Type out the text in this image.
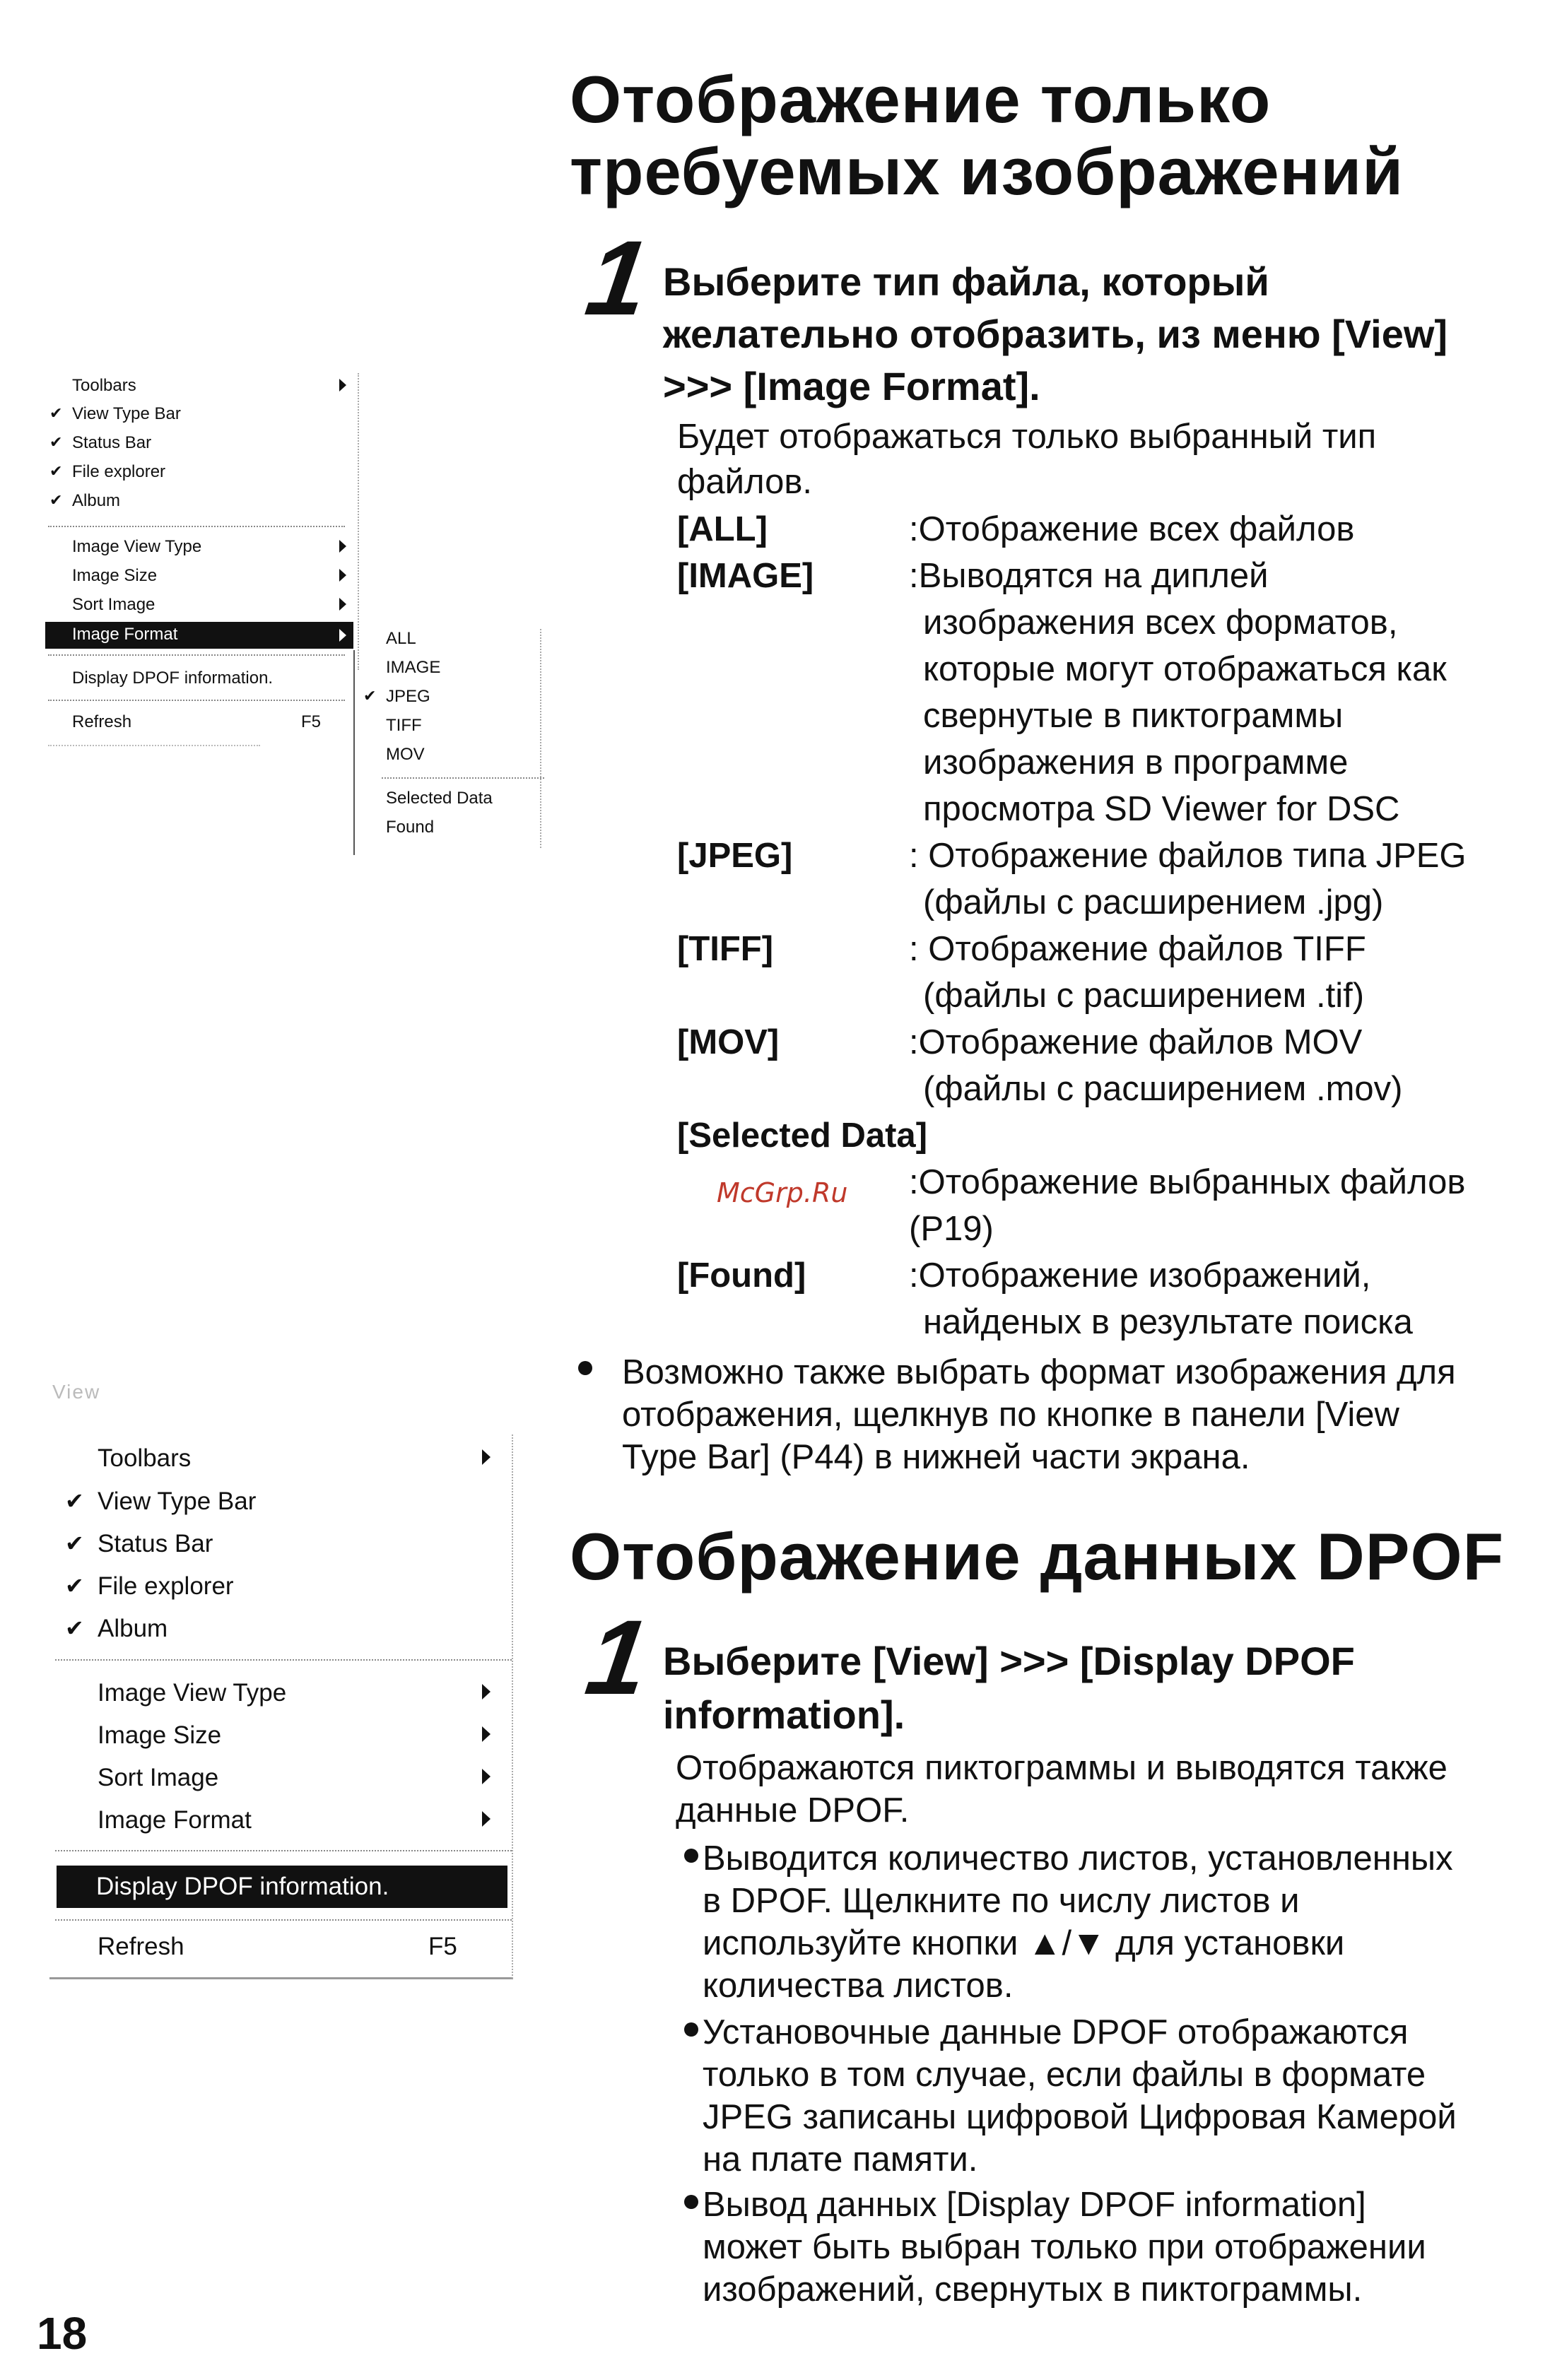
Toolbars
✔ View Type Bar
✔ Status Bar
✔ File explorer
✔ Album
Image View Type
Image Size
Sort Image
Image Format
Display DPOF information.
Refresh	F5
ALL
IMAGE
✔ JPEG
TIFF
MOV
Selected Data
Found
View
Toolbars
✔ View Type Bar
✔ Status Bar
✔ File explorer
✔ Album
Image View Type
Image Size
Sort Image
Image Format
Display DPOF information.
Refresh	F5
Отображение только
требуемых изображений
1 Выберите тип файла, который
желательно отобразить, из меню [View]
>>> [Image Format].
Будет отображаться только выбранный тип
файлов.
[ALL]	:Отображение всех файлов
[IMAGE]	:Выводятся на диплей
изображения всех форматов,
которые могут отображаться как
свернутые в пиктограммы
изображения в программе
просмотра SD Viewer for DSC
[JPEG]	: Отображение файлов типа JPEG
(файлы с расширением .jpg)
[TIFF]	: Отображение файлов TIFF
(файлы с расширением .tif)
[MOV]	:Отображение файлов MOV
(файлы с расширением .mov)
[Selected Data]
McGrp.Ru :Отображение выбранных файлов
(P19)
[Found]	:Отображение изображений,
найденых в результате поиска
Возможно также выбрать формат изображения для
отображения, щелкнув по кнопке в панели [View
Type Bar] (P44) в нижней части экрана.
Отображение данных DPOF
1 Выберите [View] >>> [Display DPOF
information].
Отображаются пиктограммы и выводятся также
данные DPOF.
Выводится количество листов, установленных
в DPOF. Щелкните по числу листов и
используйте кнопки ▲/▼ для установки
количества листов.
Установочные данные DPOF отображаются
только в том случае, если файлы в формате
JPEG записаны цифровой Цифровая Камерой
на плате памяти.
Вывод данных [Display DPOF information]
может быть выбран только при отображении
изображений, свернутых в пиктограммы.
18
